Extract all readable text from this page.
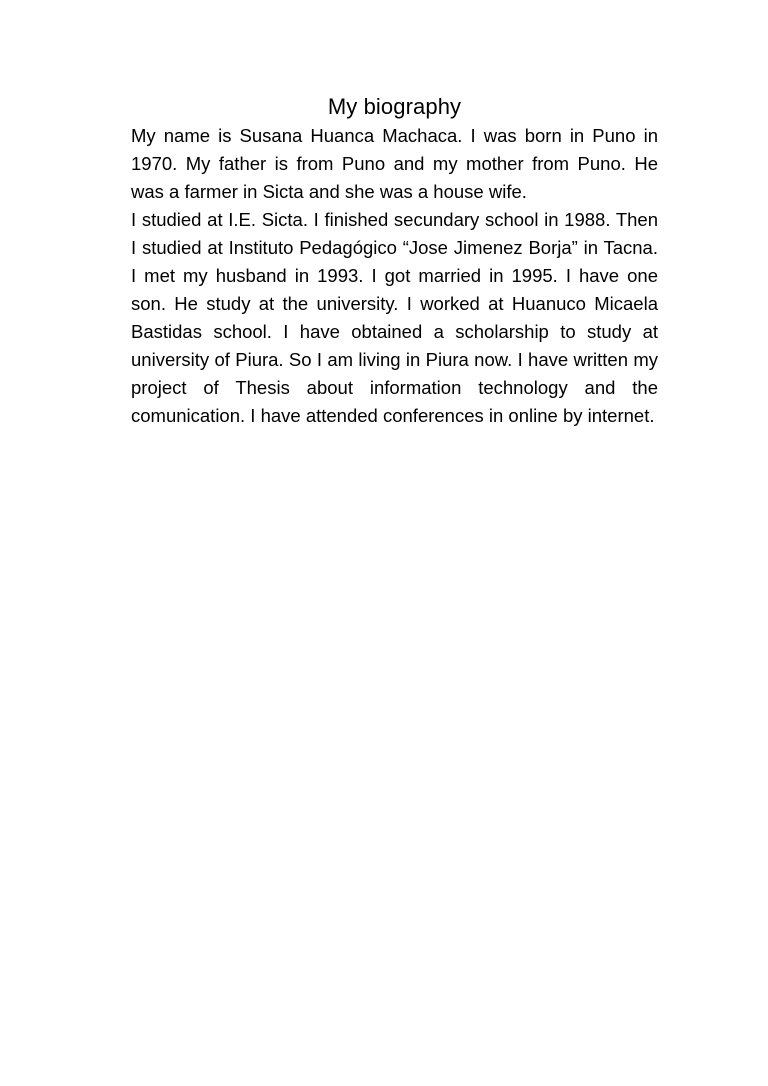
My biography

My name is Susana Huanca Machaca. I was born in Puno in 1970. My father is from Puno and my mother from Puno. He was a farmer in Sicta and she was a house wife.

I studied at I.E. Sicta. I finished secundary school in 1988. Then I studied at Instituto Pedagógico “Jose Jimenez Borja” in Tacna. I met my husband in 1993. I got married in 1995. I have one son. He study at the university. I worked at Huanuco Micaela Bastidas school. I have obtained a scholarship to study at university of Piura. So I am living in Piura now. I have written my project of Thesis about information technology and the comunication. I have attended conferences in online by internet.
